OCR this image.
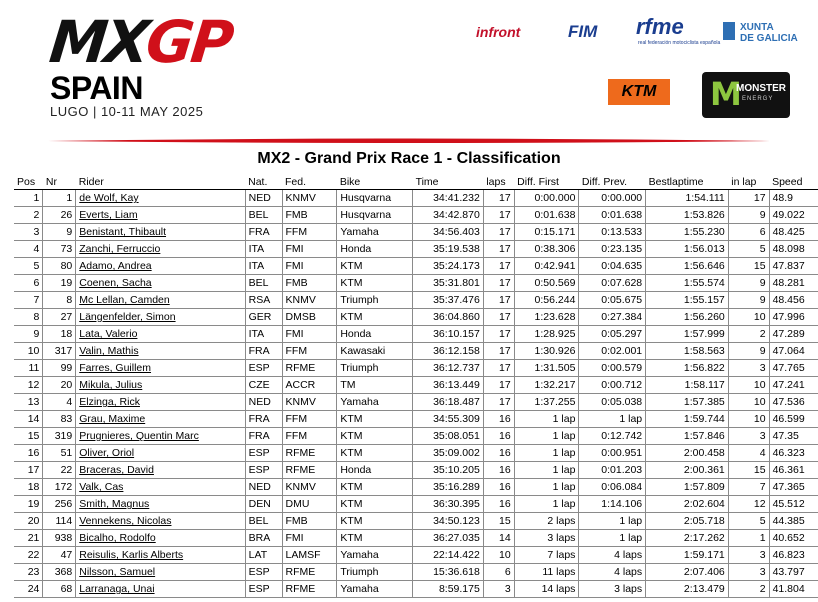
MXGP
SPAIN
LUGO | 10-11 MAY 2025
infront	FIM rfme
real federación motociclista española
XUNTA
DE GALICIA
KTM	M
MONSTER
ENERGY
MX2 - Grand Prix Race 1 - Classification
Pos	Nr	Rider	Nat.	Fed.	Bike	Time	laps	Diff. First	Diff. Prev.	Bestlaptime	in lap	Speed
1	1	de Wolf, Kay	NED	KNMV	Husqvarna	34:41.232	17	0:00.000	0:00.000	1:54.111	17	48.9
2	26	Everts, Liam	BEL	FMB	Husqvarna	34:42.870	17	0:01.638	0:01.638	1:53.826	9	49.022
3	9	Benistant, Thibault	FRA	FFM	Yamaha	34:56.403	17	0:15.171	0:13.533	1:55.230	6	48.425
4	73	Zanchi, Ferruccio	ITA	FMI	Honda	35:19.538	17	0:38.306	0:23.135	1:56.013	5	48.098
5	80	Adamo, Andrea	ITA	FMI	KTM	35:24.173	17	0:42.941	0:04.635	1:56.646	15	47.837
6	19	Coenen, Sacha	BEL	FMB	KTM	35:31.801	17	0:50.569	0:07.628	1:55.574	9	48.281
7	8	Mc Lellan, Camden	RSA	KNMV	Triumph	35:37.476	17	0:56.244	0:05.675	1:55.157	9	48.456
8	27	Längenfelder, Simon	GER	DMSB	KTM	36:04.860	17	1:23.628	0:27.384	1:56.260	10	47.996
9	18	Lata, Valerio	ITA	FMI	Honda	36:10.157	17	1:28.925	0:05.297	1:57.999	2	47.289
10	317	Valin, Mathis	FRA	FFM	Kawasaki	36:12.158	17	1:30.926	0:02.001	1:58.563	9	47.064
11	99	Farres, Guillem	ESP	RFME	Triumph	36:12.737	17	1:31.505	0:00.579	1:56.822	3	47.765
12	20	Mikula, Julius	CZE	ACCR	TM	36:13.449	17	1:32.217	0:00.712	1:58.117	10	47.241
13	4	Elzinga, Rick	NED	KNMV	Yamaha	36:18.487	17	1:37.255	0:05.038	1:57.385	10	47.536
14	83	Grau, Maxime	FRA	FFM	KTM	34:55.309	16	1 lap	1 lap	1:59.744	10	46.599
15	319	Prugnieres, Quentin Marc	FRA	FFM	KTM	35:08.051	16	1 lap	0:12.742	1:57.846	3	47.35
16	51	Oliver, Oriol	ESP	RFME	KTM	35:09.002	16	1 lap	0:00.951	2:00.458	4	46.323
17	22	Braceras, David	ESP	RFME	Honda	35:10.205	16	1 lap	0:01.203	2:00.361	15	46.361
18	172	Valk, Cas	NED	KNMV	KTM	35:16.289	16	1 lap	0:06.084	1:57.809	7	47.365
19	256	Smith, Magnus	DEN	DMU	KTM	36:30.395	16	1 lap	1:14.106	2:02.604	12	45.512
20	114	Vennekens, Nicolas	BEL	FMB	KTM	34:50.123	15	2 laps	1 lap	2:05.718	5	44.385
21	938	Bicalho, Rodolfo	BRA	FMI	KTM	36:27.035	14	3 laps	1 lap	2:17.262	1	40.652
22	47	Reisulis, Karlis Alberts	LAT	LAMSF	Yamaha	22:14.422	10	7 laps	4 laps	1:59.171	3	46.823
23	368	Nilsson, Samuel	ESP	RFME	Triumph	15:36.618	6	11 laps	4 laps	2:07.406	3	43.797
24	68	Larranaga, Unai	ESP	RFME	Yamaha	8:59.175	3	14 laps	3 laps	2:13.479	2	41.804
